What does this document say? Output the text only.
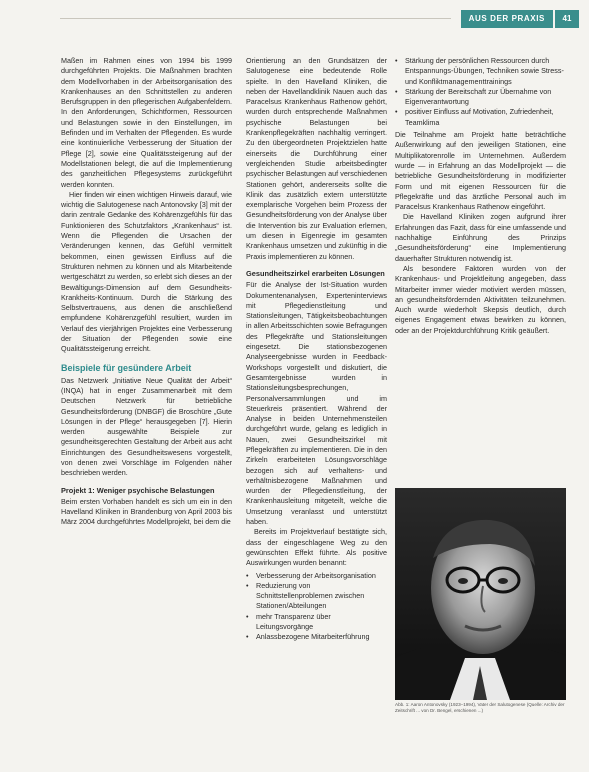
AUS DER PRAXIS	41

Maßen im Rahmen eines von 1994 bis 1999 durchgeführten Projekts. Die Maßnahmen brachten dem Modellvorhaben in der Arbeitsorganisation des Krankenhauses an den Schnittstellen zu anderen Berufsgruppen in den pflegerischen Aufgabenfeldern. In den Anforderungen, Schichtformen, Ressourcen und Belastungen sowie in den Einstellungen, im Befinden und im Verhalten der Pflegenden. Es wurde eine kontinuierliche Verbesserung der Situation der Pflege [2], sowie eine Qualitätssteigerung auf der Modellstationen belegt, die auf die Implementierung des ganzheitlichen Pflegesystems zurückgeführt werden konnten.

Hier finden wir einen wichtigen Hinweis darauf, wie wichtig die Salutogenese nach Antonovsky [3] mit der darin zentrale Gedanke des Kohärenzgefühls für das Funktionieren des Schutzfaktors „Krankenhaus“ ist. Wenn die Pflegenden die Ursachen der Veränderungen kennen, das Gefühl vermittelt bekommen, einen gewissen Einfluss auf die Strukturen nehmen zu können und als Mitarbeitende wertgeschätzt zu werden, so erlebt sich dieses an der Bewältigungs-Dimension auf dem Gesundheits-Krankheits-Kontinuum. Durch die Stärkung des Selbstvertrauens, aus denen die anschließend empfundene Kohärenzgefühl resultiert, wurden im Verlauf des vierjährigen Projektes eine Verbesserung der Situation der Pflegenden sowie eine Qualitätssteigerung erreicht.

Beispiele für gesündere Arbeit

Das Netzwerk „Initiative Neue Qualität der Arbeit“ (INQA) hat in enger Zusammenarbeit mit dem Deutschen Netzwerk für betriebliche Gesundheitsförderung (DNBGF) die Broschüre „Gute Lösungen in der Pflege“ herausgegeben [7]. Hierin werden ausgewählte Beispiele zur gesundheitsgerechten Gestaltung der Arbeit aus acht Einrichtungen des Gesundheitswesens vorgestellt, von denen zwei Vorschläge im Folgenden näher beschrieben werden.

Projekt 1: Weniger psychische Belastungen

Beim ersten Vorhaben handelt es sich um ein in den Havelland Kliniken in Brandenburg von April 2003 bis März 2004 durchgeführtes Modellprojekt, bei dem die

Orientierung an den Grundsätzen der Salutogenese eine bedeutende Rolle spielte. In den Havelland Kliniken, die neben der Havellandklinik Nauen auch das Paracelsus Krankenhaus Rathenow gehört, wurden durch entsprechende Maßnahmen psychische Belastungen bei Krankenpflegekräften nachhaltig verringert. Zu den übergeordneten Projektzielen hatte einerseits die Durchführung einer vergleichenden Studie arbeitsbedingter psychischer Belastungen auf verschiedenen Stationen gehört, andererseits sollte die Klinik das zusätzlich extern unterstützte exemplarische Vorgehen beim Prozess der Gesundheitsförderung von der Analyse über die Intervention bis zur Evaluation erlernen, um diesen in Eigenregie im gesamten Krankenhaus umsetzen und zukünftig in die Praxis implementieren zu können.

Gesundheitszirkel erarbeiten Lösungen

Für die Analyse der Ist-Situation wurden Dokumentenanalysen, Experteninterviews mit Pflegedienstleitung und Stationsleitungen, Tätigkeitsbeobachtungen in allen Arbeitsschichten sowie Befragungen des Pflegekräfte und Stationsleitungen eingesetzt. Die stationsbezogenen Analyseergebnisse wurden in Feedback-Workshops vorgestellt und diskutiert, die Gesamtergebnisse wurden in Stationsleitungsbesprechungen, Personalversammlungen und im Steuerkreis präsentiert. Während der Analyse in beiden Unternehmensteilen durchgeführt wurde, gelang es lediglich in Nauen, zwei Gesundheitszirkel mit Pflegekräften zu implementieren. Die in den Zirkeln erarbeiteten Lösungsvorschläge bezogen sich auf verhaltens- und verhältnisbezogene Maßnahmen und wurden der Pflegedienstleitung, der Krankenhausleitung mitgeteilt, welche die Umsetzung veranlasst und unterstützt haben.

Bereits im Projektverlauf bestätigte sich, dass der eingeschlagene Weg zu den gewünschten Effekt führte. Als positive Auswirkungen wurden benannt:

• Verbesserung der Arbeitsorganisation
• Reduzierung von Schnittstellenproblemen zwischen Stationen/Abteilungen
• mehr Transparenz über Leitungsvorgänge
• Anlassbezogene Mitarbeiterführung
• Stärkung der persönlichen Ressourcen durch Entspannungs-Übungen, Techniken sowie Stress- und Konfliktmanagementtrainings
• Stärkung der Bereitschaft zur Übernahme von Eigenverantwortung
• positiver Einfluss auf Motivation, Zufriedenheit, Teamklima

Die Teilnahme am Projekt hatte beträchtliche Außenwirkung auf den jeweiligen Stationen, eine Multiplikatorenrolle im Unternehmen. Außerdem wurde — in Erfahrung an das Modellprojekt — die betriebliche Gesundheitsförderung in modifizierter Form und mit eigenen Ressourcen für die Pflegekräfte und das ärztliche Personal auch im Paracelsus Krankenhaus Rathenow eingeführt.

Die Havelland Kliniken zogen aufgrund ihrer Erfahrungen das Fazit, dass für eine umfassende und nachhaltige Einführung des Prinzips „Gesundheitsförderung“ eine Implementierung dauerhafter Strukturen notwendig ist.

Als besondere Faktoren wurden von der Krankenhaus- und Projektleitung angegeben, dass Mitarbeiter immer wieder motiviert werden müssen, an gesundheitsfördernden Aktivitäten teilzunehmen. Auch wurde wiederholt Skepsis deutlich, durch eigenes Engagement etwas bewirken zu können, oder an der Projektdurchführung Kritik geäußert.

Abb. 1: Aaron Antonovsky (1923–1994), Vater der Salutogenese (Quelle: Archiv der Zeitschrift ... von Dr. Bengel, erschienen ...)
